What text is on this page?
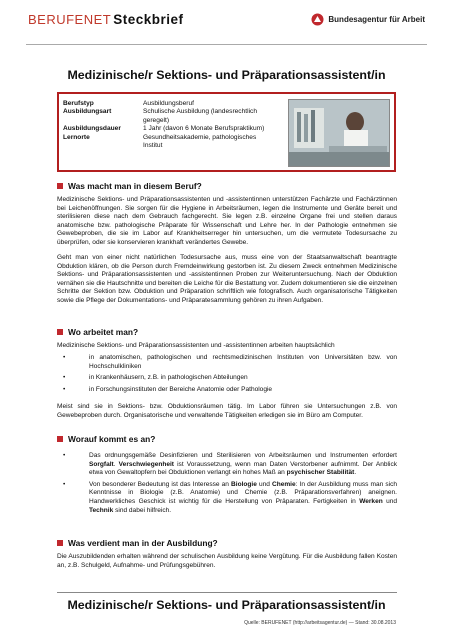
BERUFENET Steckbrief	Bundesagentur für Arbeit
Medizinische/r Sektions- und Präparationsassistent/in
Berufstyp	Ausbildungsberuf
Ausbildungsart	Schulische Ausbildung (landesrechtlich geregelt)
Ausbildungsdauer	1 Jahr (davon 6 Monate Berufspraktikum)
Lernorte	Gesundheitsakademie, pathologisches Institut
Was macht man in diesem Beruf?
Medizinische Sektions- und Präparationsassistenten und -assistentinnen unterstützen Fachärzte und Fachärztinnen bei Leichenöffnungen. Sie sorgen für die Hygiene in Arbeitsräumen, legen die Instrumente und Geräte bereit und sterilisieren diese nach dem Gebrauch fachgerecht. Sie legen z.B. einzelne Organe frei und stellen daraus anatomische bzw. pathologische Präparate für Wissenschaft und Lehre her. In der Pathologie entnehmen sie Gewebeproben, die sie im Labor auf Krankheitserreger hin untersuchen, um die vermutete Todesursache zu überprüfen, oder sie konservieren krankhaft verändertes Gewebe.
Geht man von einer nicht natürlichen Todesursache aus, muss eine von der Staatsanwaltschaft beantragte Obduktion klären, ob die Person durch Fremdeinwirkung gestorben ist. Zu diesem Zweck entnehmen Medizinische Sektions- und Präparationsassistenten und -assistentinnen Proben zur Weiteruntersuchung. Nach der Obduktion vernähen sie die Hautschnitte und bereiten die Leiche für die Bestattung vor. Zudem dokumentieren sie die einzelnen Schritte der Sektion bzw. Obduktion und Präparation schriftlich wie fotografisch. Auch organisatorische Tätigkeiten sowie die Pflege der Dokumentations- und Präparatesammlung gehören zu ihren Aufgaben.
Wo arbeitet man?
Medizinische Sektions- und Präparationsassistenten und -assistentinnen arbeiten hauptsächlich
•	in anatomischen, pathologischen und rechtsmedizinischen Instituten von Universitäten bzw. von Hochschulkliniken
•	in Krankenhäusern, z.B. in pathologischen Abteilungen
•	in Forschungsinstituten der Bereiche Anatomie oder Pathologie
Meist sind sie in Sektions- bzw. Obduktionsräumen tätig. Im Labor führen sie Untersuchungen z.B. von Gewebeproben durch. Organisatorische und verwaltende Tätigkeiten erledigen sie im Büro am Computer.
Worauf kommt es an?
•	Das ordnungsgemäße Desinfizieren und Sterilisieren von Arbeitsräumen und Instrumenten erfordert Sorgfalt. Verschwiegenheit ist Voraussetzung, wenn man Daten Verstorbener aufnimmt. Der Anblick etwa von Gewaltopfern bei Obduktionen verlangt ein hohes Maß an psychischer Stabilität.
•	Von besonderer Bedeutung ist das Interesse an Biologie und Chemie: In der Ausbildung muss man sich Kenntnisse in Biologie (z.B. Anatomie) und Chemie (z.B. Präparationsverfahren) aneignen. Handwerkliches Geschick ist wichtig für die Herstellung von Präparaten. Fertigkeiten in Werken und Technik sind dabei hilfreich.
Was verdient man in der Ausbildung?
Die Auszubildenden erhalten während der schulischen Ausbildung keine Vergütung. Für die Ausbildung fallen Kosten an, z.B. Schulgeld, Aufnahme- und Prüfungsgebühren.
Medizinische/r Sektions- und Präparationsassistent/in
Quelle: BERUFENET (http://arbeitsagentur.de) — Stand: 30.08.2013
